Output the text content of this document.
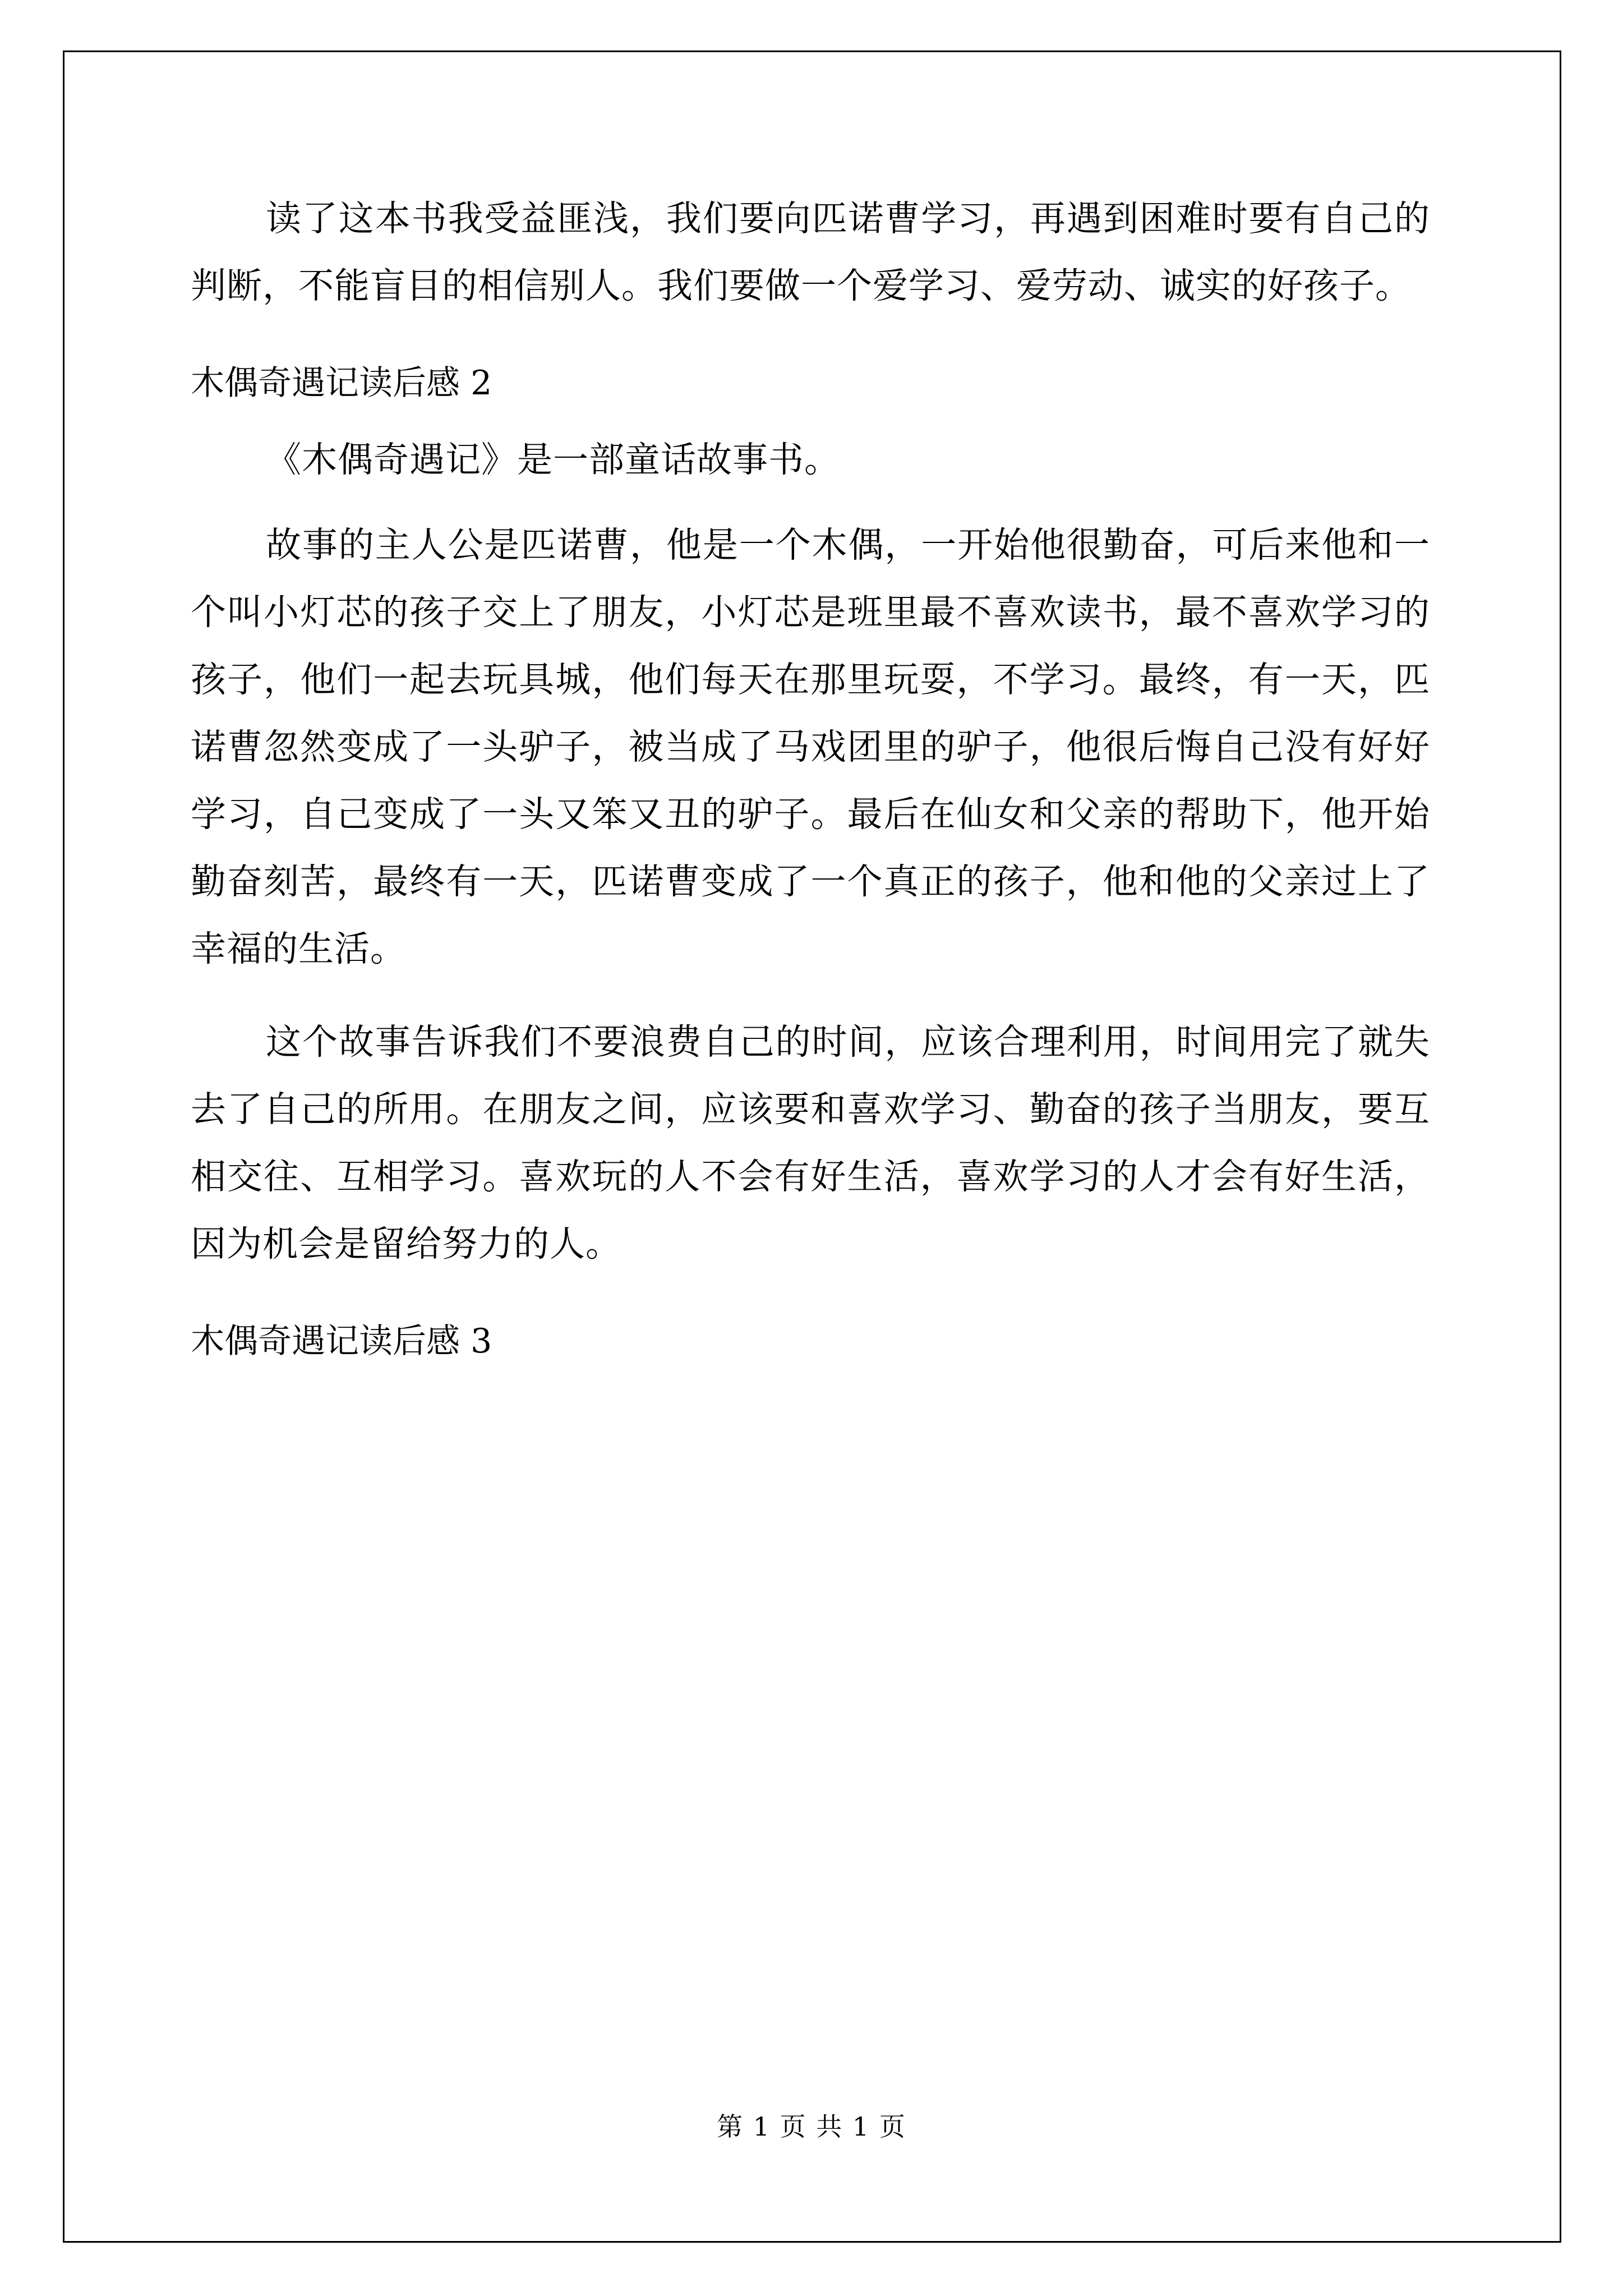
读了这本书我受益匪浅，我们要向匹诺曹学习，再遇到困难时要有自己的判断，不能盲目的相信别人。我们要做一个爱学习、爱劳动、诚实的好孩子。

木偶奇遇记读后感 2

《木偶奇遇记》是一部童话故事书。

故事的主人公是匹诺曹，他是一个木偶，一开始他很勤奋，可后来他和一个叫小灯芯的孩子交上了朋友，小灯芯是班里最不喜欢读书，最不喜欢学习的孩子，他们一起去玩具城，他们每天在那里玩耍，不学习。最终，有一天，匹诺曹忽然变成了一头驴子，被当成了马戏团里的驴子，他很后悔自己没有好好学习，自己变成了一头又笨又丑的驴子。最后在仙女和父亲的帮助下，他开始勤奋刻苦，最终有一天，匹诺曹变成了一个真正的孩子，他和他的父亲过上了幸福的生活。

这个故事告诉我们不要浪费自己的时间，应该合理利用，时间用完了就失去了自己的所用。在朋友之间，应该要和喜欢学习、勤奋的孩子当朋友，要互相交往、互相学习。喜欢玩的人不会有好生活，喜欢学习的人才会有好生活，因为机会是留给努力的人。

木偶奇遇记读后感 3

第 1 页 共 1 页
